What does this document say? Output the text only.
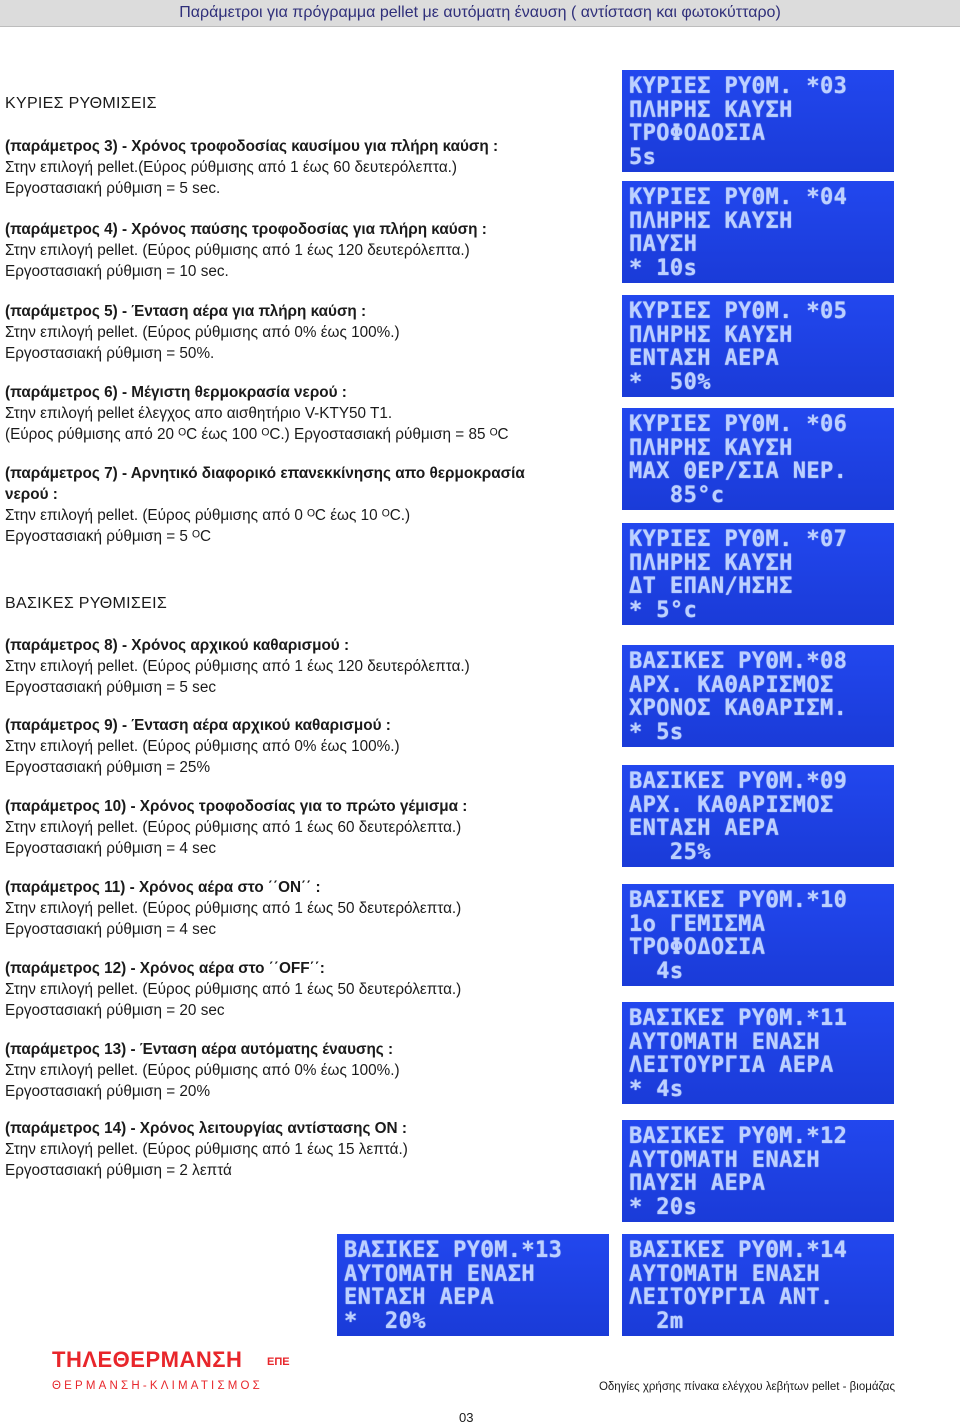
Παράμετροι για πρόγραμμα pellet με αυτόματη έναυση ( αντίσταση και φωτοκύτταρο)
ΚΥΡΙΕΣ ΡΥΘΜΙΣΕΙΣ
ΒΑΣΙΚΕΣ ΡΥΘΜΙΣΕΙΣ
(παράμετρος 3) - Χρόνος τροφοδοσίας καυσίμου για πλήρη καύση :
Στην επιλογή pellet.(Εύρος ρύθμισης από 1 έως 60 δευτερόλεπτα.)
Εργοστασιακή ρύθμιση = 5 sec.
(παράμετρος 4) - Χρόνος παύσης τροφοδοσίας για πλήρη καύση :
Στην επιλογή pellet. (Εύρος ρύθμισης από 1 έως 120 δευτερόλεπτα.)
Εργοστασιακή ρύθμιση = 10 sec.
(παράμετρος 5) - Ένταση αέρα για πλήρη καύση :
Στην επιλογή pellet. (Εύρος ρύθμισης από 0% έως 100%.)
Εργοστασιακή ρύθμιση = 50%.
(παράμετρος 6) - Μέγιστη θερμοκρασία νερού :
Στην επιλογή pellet έλεγχος απο αισθητήριο V-KTY50 T1.
(Εύρος ρύθμισης από 20 ᴼC έως 100 ᴼC.) Εργοστασιακή ρύθμιση = 85 ᴼC
(παράμετρος 7) - Αρνητικό διαφορικό επανεκκίνησης απο θερμοκρασία
νερού :
Στην επιλογή pellet. (Εύρος ρύθμισης από 0 ᴼC έως 10 ᴼC.)
Εργοστασιακή ρύθμιση = 5 ᴼC
(παράμετρος 8) - Χρόνος αρχικού καθαρισμού :
Στην επιλογή pellet. (Εύρος ρύθμισης από 1 έως 120 δευτερόλεπτα.)
Εργοστασιακή ρύθμιση = 5 sec
(παράμετρος 9) - Ένταση αέρα αρχικού καθαρισμού :
Στην επιλογή pellet. (Εύρος ρύθμισης από 0% έως 100%.)
Εργοστασιακή ρύθμιση = 25%
(παράμετρος 10) - Χρόνος τροφοδοσίας για το πρώτο γέμισμα :
Στην επιλογή pellet. (Εύρος ρύθμισης από 1 έως 60 δευτερόλεπτα.)
Εργοστασιακή ρύθμιση = 4 sec
(παράμετρος 11) - Χρόνος αέρα στο ΄΄ON΄΄ :
Στην επιλογή pellet. (Εύρος ρύθμισης από 1 έως 50 δευτερόλεπτα.)
Εργοστασιακή ρύθμιση = 4 sec
(παράμετρος 12) - Χρόνος αέρα στο ΄΄OFF΄΄:
Στην επιλογή pellet. (Εύρος ρύθμισης από 1 έως 50 δευτερόλεπτα.)
Εργοστασιακή ρύθμιση = 20 sec
(παράμετρος 13) - Ένταση αέρα αυτόματης έναυσης :
Στην επιλογή pellet. (Εύρος ρύθμισης από 0% έως 100%.)
Εργοστασιακή ρύθμιση = 20%
(παράμετρος 14) - Χρόνος λειτουργίας αντίστασης ON :
Στην επιλογή pellet. (Εύρος ρύθμισης από 1 έως 15 λεπτά.)
Εργοστασιακή ρύθμιση = 2 λεπτά
ΚΥΡΙΕΣ ΡΥΘΜ. *03
ΠΛΗΡΗΣ ΚΑΥΣΗ
ΤΡΟΦΟΔΟΣΙΑ
5s
ΚΥΡΙΕΣ ΡΥΘΜ. *04
ΠΛΗΡΗΣ ΚΑΥΣΗ
ΠΑΥΣΗ
* 10s
ΚΥΡΙΕΣ ΡΥΘΜ. *05
ΠΛΗΡΗΣ ΚΑΥΣΗ
ΕΝΤΑΣΗ ΑΕΡΑ
*  50%
ΚΥΡΙΕΣ ΡΥΘΜ. *06
ΠΛΗΡΗΣ ΚΑΥΣΗ
MAX ΘΕΡ/ΣΙΑ ΝΕΡ.
85°c
ΚΥΡΙΕΣ ΡΥΘΜ. *07
ΠΛΗΡΗΣ ΚΑΥΣΗ
ΔΤ ΕΠΑΝ/ΗΣΗΣ
* 5°c
ΒΑΣΙΚΕΣ ΡΥΘΜ.*08
ΑΡΧ. ΚΑΘΑΡΙΣΜΟΣ
ΧΡΟΝΟΣ ΚΑΘΑΡΙΣΜ.
* 5s
ΒΑΣΙΚΕΣ ΡΥΘΜ.*09
ΑΡΧ. ΚΑΘΑΡΙΣΜΟΣ
ΕΝΤΑΣΗ ΑΕΡΑ
25%
ΒΑΣΙΚΕΣ ΡΥΘΜ.*10
1ο ΓΕΜΙΣΜΑ
ΤΡΟΦΟΔΟΣΙΑ
4s
ΒΑΣΙΚΕΣ ΡΥΘΜ.*11
ΑΥΤΟΜΑΤΗ ΕΝΑΣΗ
ΛΕΙΤΟΥΡΓΙΑ ΑΕΡΑ
* 4s
ΒΑΣΙΚΕΣ ΡΥΘΜ.*12
ΑΥΤΟΜΑΤΗ ΕΝΑΣΗ
ΠΑΥΣΗ ΑΕΡΑ
* 20s
ΒΑΣΙΚΕΣ ΡΥΘΜ.*13
ΑΥΤΟΜΑΤΗ ΕΝΑΣΗ
ΕΝΤΑΣΗ ΑΕΡΑ
*  20%
ΒΑΣΙΚΕΣ ΡΥΘΜ.*14
ΑΥΤΟΜΑΤΗ ΕΝΑΣΗ
ΛΕΙΤΟΥΡΓΙΑ ΑΝΤ.
2m
ΤΗΛΕΘΕΡΜΑΝΣΗ ΕΠΕ
ΘΕΡΜΑΝΣΗ-ΚΛΙΜΑΤΙΣΜΟΣ	Οδηγίες χρήσης πίνακα ελέγχου λεβήτων pellet - βιομάζας
03
